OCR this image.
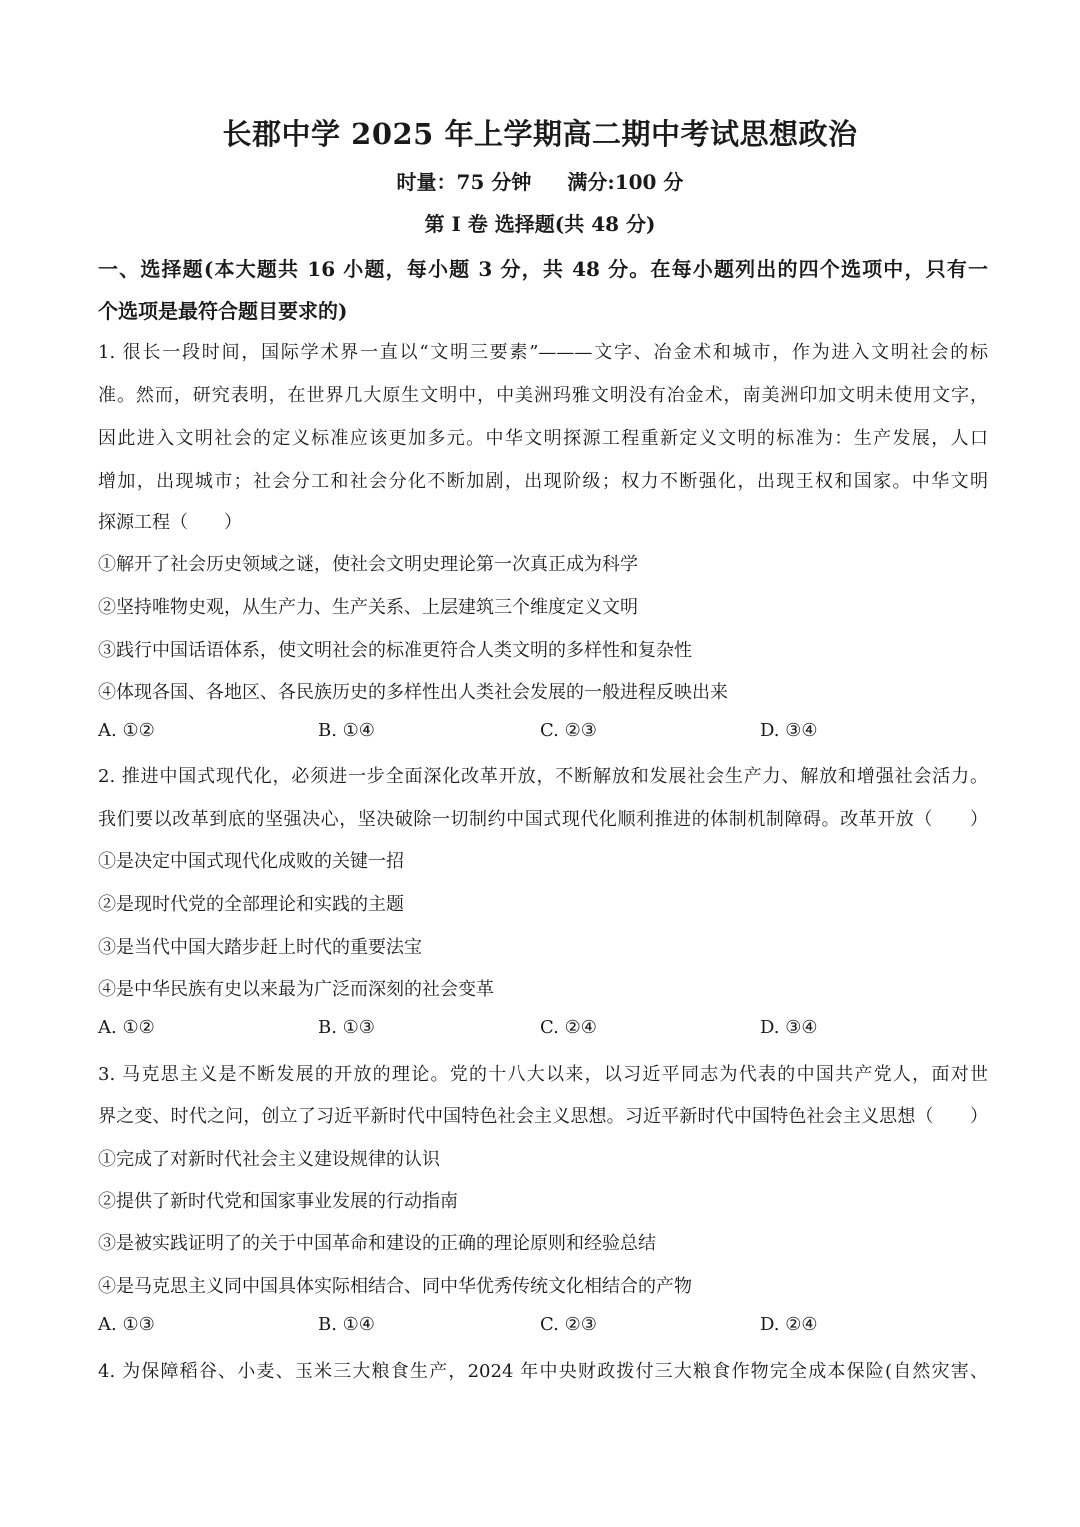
长郡中学 2025 年上学期高二期中考试思想政治
时量：75 分钟 满分:100 分
第 I 卷 选择题(共 48 分)
一、选择题(本大题共 16 小题，每小题 3 分，共 48 分。在每小题列出的四个选项中，只有一
个选项是最符合题目要求的)
1. 很长一段时间，国际学术界一直以“文明三要素”———文字、冶金术和城市，作为进入文明社会的标
准。然而，研究表明，在世界几大原生文明中，中美洲玛雅文明没有冶金术，南美洲印加文明未使用文字，
因此进入文明社会的定义标准应该更加多元。中华文明探源工程重新定义文明的标准为：生产发展，人口
增加，出现城市；社会分工和社会分化不断加剧，出现阶级；权力不断强化，出现王权和国家。中华文明
探源工程（　　）
①解开了社会历史领域之谜，使社会文明史理论第一次真正成为科学
②坚持唯物史观，从生产力、生产关系、上层建筑三个维度定义文明
③践行中国话语体系，使文明社会的标准更符合人类文明的多样性和复杂性
④体现各国、各地区、各民族历史的多样性出人类社会发展的一般进程反映出来
A. ①②	B. ①④	C. ②③	D. ③④
2. 推进中国式现代化，必须进一步全面深化改革开放，不断解放和发展社会生产力、解放和增强社会活力。
我们要以改革到底的坚强决心，坚决破除一切制约中国式现代化顺利推进的体制机制障碍。改革开放（　　）
①是决定中国式现代化成败的关键一招
②是现时代党的全部理论和实践的主题
③是当代中国大踏步赶上时代的重要法宝
④是中华民族有史以来最为广泛而深刻的社会变革
A. ①②	B. ①③	C. ②④	D. ③④
3. 马克思主义是不断发展的开放的理论。党的十八大以来，以习近平同志为代表的中国共产党人，面对世
界之变、时代之问，创立了习近平新时代中国特色社会主义思想。习近平新时代中国特色社会主义思想（　　）
①完成了对新时代社会主义建设规律的认识
②提供了新时代党和国家事业发展的行动指南
③是被实践证明了的关于中国革命和建设的正确的理论原则和经验总结
④是马克思主义同中国具体实际相结合、同中华优秀传统文化相结合的产物
A. ①③	B. ①④	C. ②③	D. ②④
4. 为保障稻谷、小麦、玉米三大粮食生产，2024 年中央财政拨付三大粮食作物完全成本保险(自然灾害、
